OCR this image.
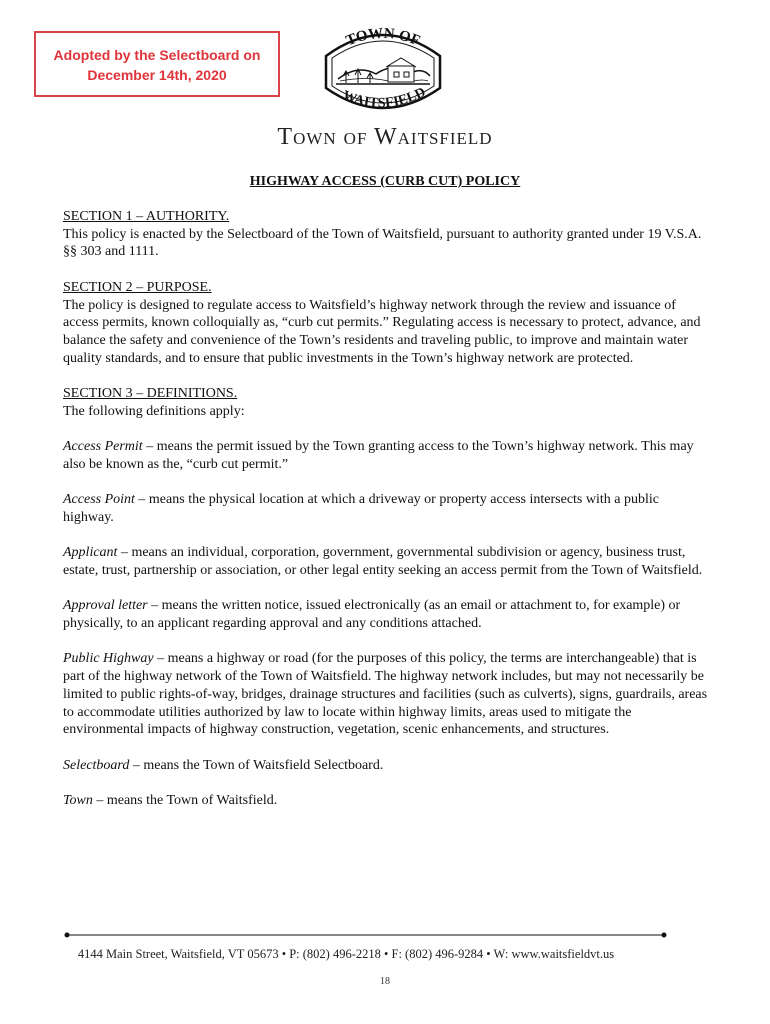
Adopted by the Selectboard on
December 14th, 2020
TOWN OF
WAITSFIELD
Town of Waitsfield
HIGHWAY ACCESS (CURB CUT) POLICY
SECTION 1 – AUTHORITY.
This policy is enacted by the Selectboard of the Town of Waitsfield, pursuant to authority granted under 19 V.S.A. §§ 303 and 1111.
SECTION 2 – PURPOSE.
The policy is designed to regulate access to Waitsfield’s highway network through the review and issuance of access permits, known colloquially as, “curb cut permits.” Regulating access is necessary to protect, advance, and balance the safety and convenience of the Town’s residents and traveling public, to improve and maintain water quality standards, and to ensure that public investments in the Town’s highway network are protected.
SECTION 3 – DEFINITIONS.
The following definitions apply:
Access Permit – means the permit issued by the Town granting access to the Town’s highway network. This may also be known as the, “curb cut permit.”
Access Point – means the physical location at which a driveway or property access intersects with a public highway.
Applicant – means an individual, corporation, government, governmental subdivision or agency, business trust, estate, trust, partnership or association, or other legal entity seeking an access permit from the Town of Waitsfield.
Approval letter – means the written notice, issued electronically (as an email or attachment to, for example) or physically, to an applicant regarding approval and any conditions attached.
Public Highway – means a highway or road (for the purposes of this policy, the terms are interchangeable) that is part of the highway network of the Town of Waitsfield. The highway network includes, but may not necessarily be limited to public rights-of-way, bridges, drainage structures and facilities (such as culverts), signs, guardrails, areas to accommodate utilities authorized by law to locate within highway limits, areas used to mitigate the environmental impacts of highway construction, vegetation, scenic enhancements, and structures.
Selectboard – means the Town of Waitsfield Selectboard.
Town – means the Town of Waitsfield.
4144 Main Street, Waitsfield, VT 05673 • P: (802) 496-2218 • F: (802) 496-9284 • W: www.waitsfieldvt.us
18
